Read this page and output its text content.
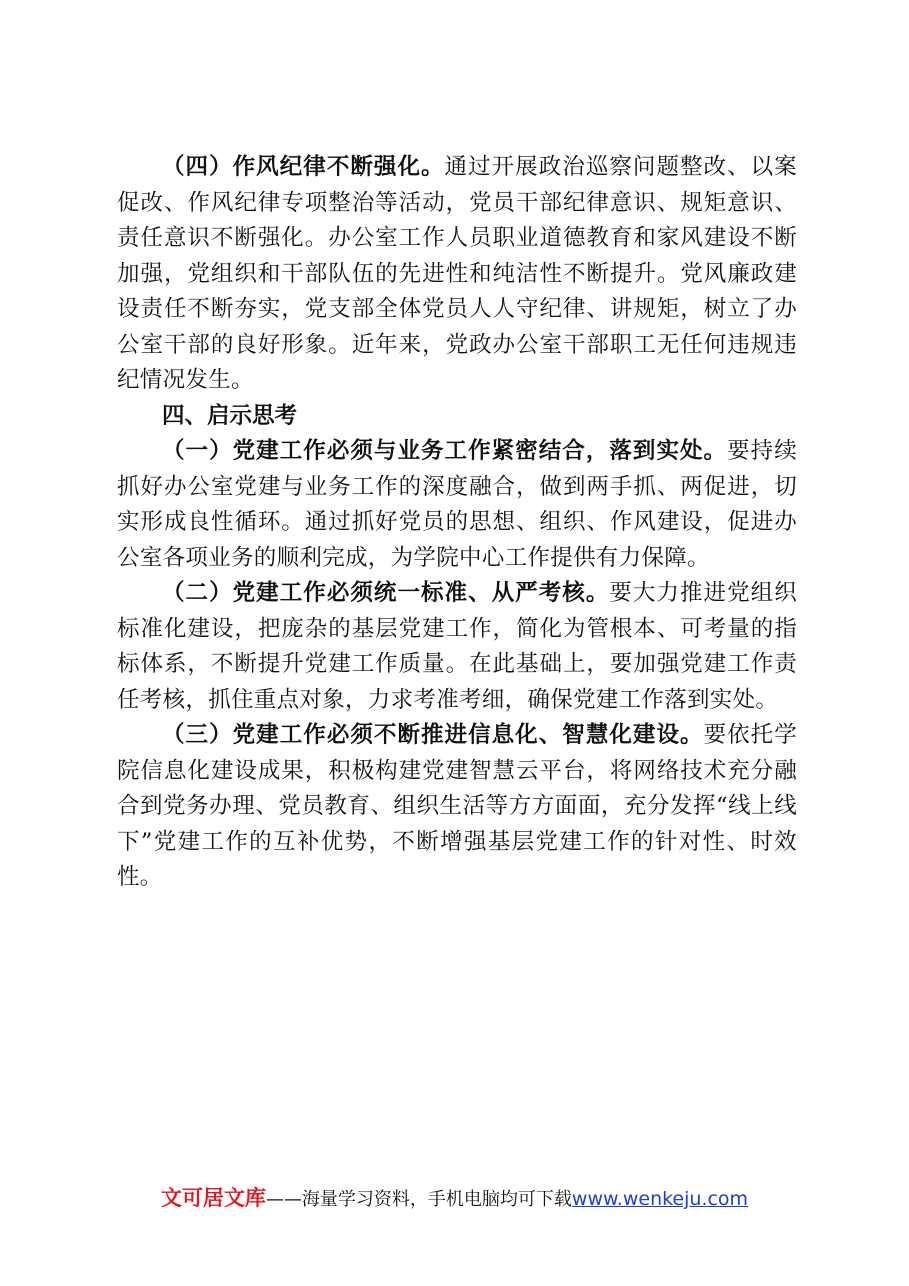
（四）作风纪律不断强化。通过开展政治巡察问题整改、以案促改、作风纪律专项整治等活动，党员干部纪律意识、规矩意识、责任意识不断强化。办公室工作人员职业道德教育和家风建设不断加强，党组织和干部队伍的先进性和纯洁性不断提升。党风廉政建设责任不断夯实，党支部全体党员人人守纪律、讲规矩，树立了办公室干部的良好形象。近年来，党政办公室干部职工无任何违规违纪情况发生。

四、启示思考

（一）党建工作必须与业务工作紧密结合，落到实处。要持续抓好办公室党建与业务工作的深度融合，做到两手抓、两促进，切实形成良性循环。通过抓好党员的思想、组织、作风建设，促进办公室各项业务的顺利完成，为学院中心工作提供有力保障。

（二）党建工作必须统一标准、从严考核。要大力推进党组织标准化建设，把庞杂的基层党建工作，简化为管根本、可考量的指标体系，不断提升党建工作质量。在此基础上，要加强党建工作责任考核，抓住重点对象，力求考准考细，确保党建工作落到实处。

（三）党建工作必须不断推进信息化、智慧化建设。要依托学院信息化建设成果，积极构建党建智慧云平台，将网络技术充分融合到党务办理、党员教育、组织生活等方方面面，充分发挥“线上线下”党建工作的互补优势，不断增强基层党建工作的针对性、时效性。

文可居文库——海量学习资料，手机电脑均可下载www.wenkeju.com
